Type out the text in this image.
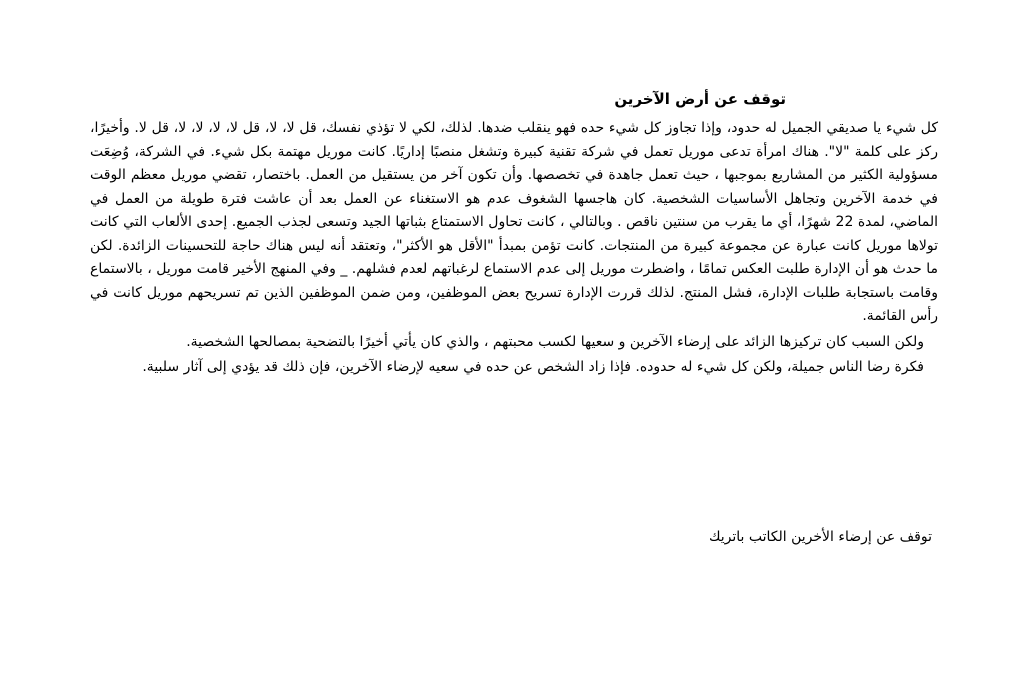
توقف عن أرض الآخرين

كل شيء يا صديقي الجميل له حدود، وإذا تجاوز كل شيء حده فهو ينقلب ضدها. لذلك، لكي لا تؤذي نفسك، قل لا، لا، قل لا، لا، لا، لا، قل لا. وأخيرًا، ركز على كلمة "لا". هناك امرأة تدعى موريل تعمل في شركة تقنية كبيرة وتشغل منصبًا إداريًا. كانت موريل مهتمة بكل شيء. في الشركة، وُضِعَت مسؤولية الكثير من المشاريع بموجبها ، حيث تعمل جاهدة في تخصصها. وأن تكون آخر من يستقيل من العمل. باختصار، تقضي موريل معظم الوقت في خدمة الآخرين وتجاهل الأساسيات الشخصية. كان هاجسها الشغوف عدم هو الاستغناء عن العمل بعد أن عاشت فترة طويلة من العمل في الماضي، لمدة 22 شهرًا، أي ما يقرب من سنتين ناقص . وبالتالي ، كانت تحاول الاستمتاع بثباتها الجيد وتسعى لجذب الجميع. إحدى الألعاب التي كانت تولاها موريل كانت عبارة عن مجموعة كبيرة من المنتجات. كانت تؤمن بمبدأ "الأقل هو الأكثر"، وتعتقد أنه ليس هناك حاجة للتحسينات الزائدة. لكن ما حدث هو أن الإدارة طلبت العكس تمامًا ، واضطرت موريل إلى عدم الاستماع لرغباتهم لعدم فشلهم. _ وفي المنهج الأخير قامت موريل ، بالاستماع وقامت باستجابة طلبات الإدارة، فشل المنتج. لذلك قررت الإدارة تسريح بعض الموظفين، ومن ضمن الموظفين الذين تم تسريحهم موريل كانت في رأس القائمة.

ولكن السبب كان تركيزها الزائد على إرضاء الآخرين و سعيها لكسب محبتهم ، والذي كان يأتي أخيرًا بالتضحية بمصالحها الشخصية.

فكرة رضا الناس جميلة، ولكن كل شيء له حدوده. فإذا زاد الشخص عن حده في سعيه لإرضاء الآخرين، فإن ذلك قد يؤدي إلى آثار سلبية.

توقف عن إرضاء الأخرين الكاتب باتريك
